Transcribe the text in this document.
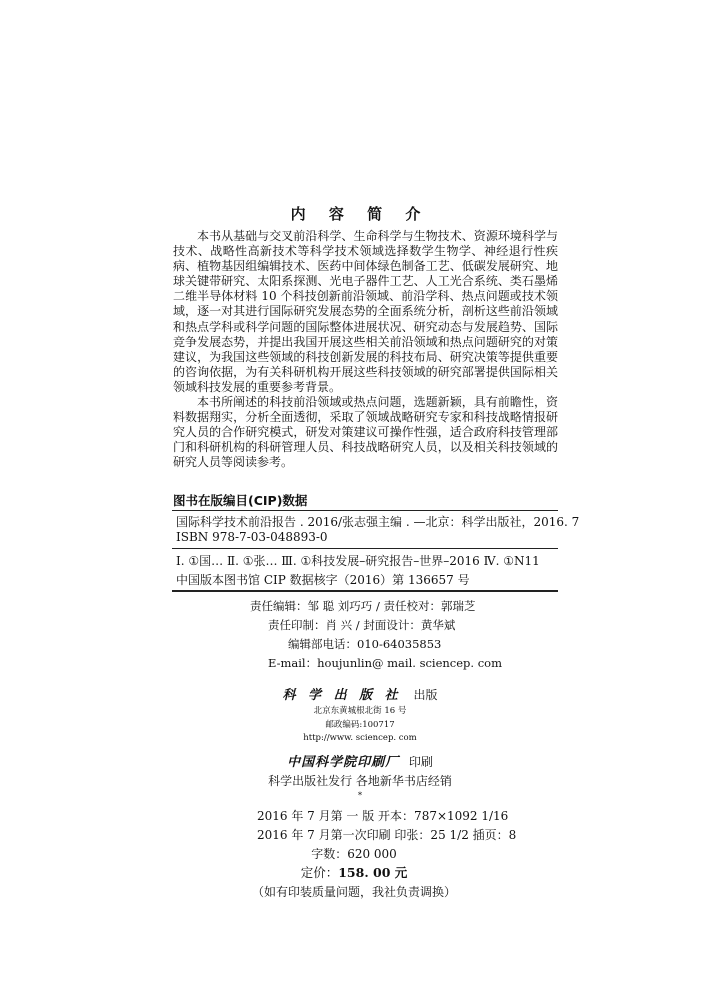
内 容 简 介

本书从基础与交叉前沿科学、生命科学与生物技术、资源环境科学与技术、战略性高新技术等科学技术领域选择数学生物学、神经退行性疾病、植物基因组编辑技术、医药中间体绿色制备工艺、低碳发展研究、地球关键带研究、太阳系探测、光电子器件工艺、人工光合系统、类石墨烯二维半导体材料 10 个科技创新前沿领域、前沿学科、热点问题或技术领域，逐一对其进行国际研究发展态势的全面系统分析，剖析这些前沿领域和热点学科或科学问题的国际整体进展状况、研究动态与发展趋势、国际竞争发展态势，并提出我国开展这些相关前沿领域和热点问题研究的对策建议，为我国这些领域的科技创新发展的科技布局、研究决策等提供重要的咨询依据，为有关科研机构开展这些科技领域的研究部署提供国际相关领域科技发展的重要参考背景。

本书所阐述的科技前沿领域或热点问题，选题新颖，具有前瞻性，资料数据翔实，分析全面透彻，采取了领域战略研究专家和科技战略情报研究人员的合作研究模式，研发对策建议可操作性强，适合政府科技管理部门和科研机构的科研管理人员、科技战略研究人员，以及相关科技领域的研究人员等阅读参考。

图书在版编目(CIP)数据
国际科学技术前沿报告 . 2016/张志强主编 . —北京：科学出版社，2016. 7
ISBN 978-7-03-048893-0
Ⅰ. ①国… Ⅱ. ①张… Ⅲ. ①科技发展–研究报告–世界–2016 Ⅳ. ①N11
中国版本图书馆 CIP 数据核字（2016）第 136657 号
责任编辑：邹 聪 刘巧巧 / 责任校对：郭瑞芝
责任印制：肖 兴 / 封面设计：黄华斌
编辑部电话：010-64035853
E-mail：houjunlin@ mail. sciencep. com
科 学 出 版 社 出版
北京东黄城根北街 16 号
邮政编码:100717
http://www. sciencep. com
中国科学院印刷厂 印刷
科学出版社发行 各地新华书店经销
*
2016 年 7 月第 一 版 开本：787×1092 1/16
2016 年 7 月第一次印刷 印张：25 1/2 插页：8
字数：620 000
定价：158. 00 元
（如有印装质量问题，我社负责调换）
